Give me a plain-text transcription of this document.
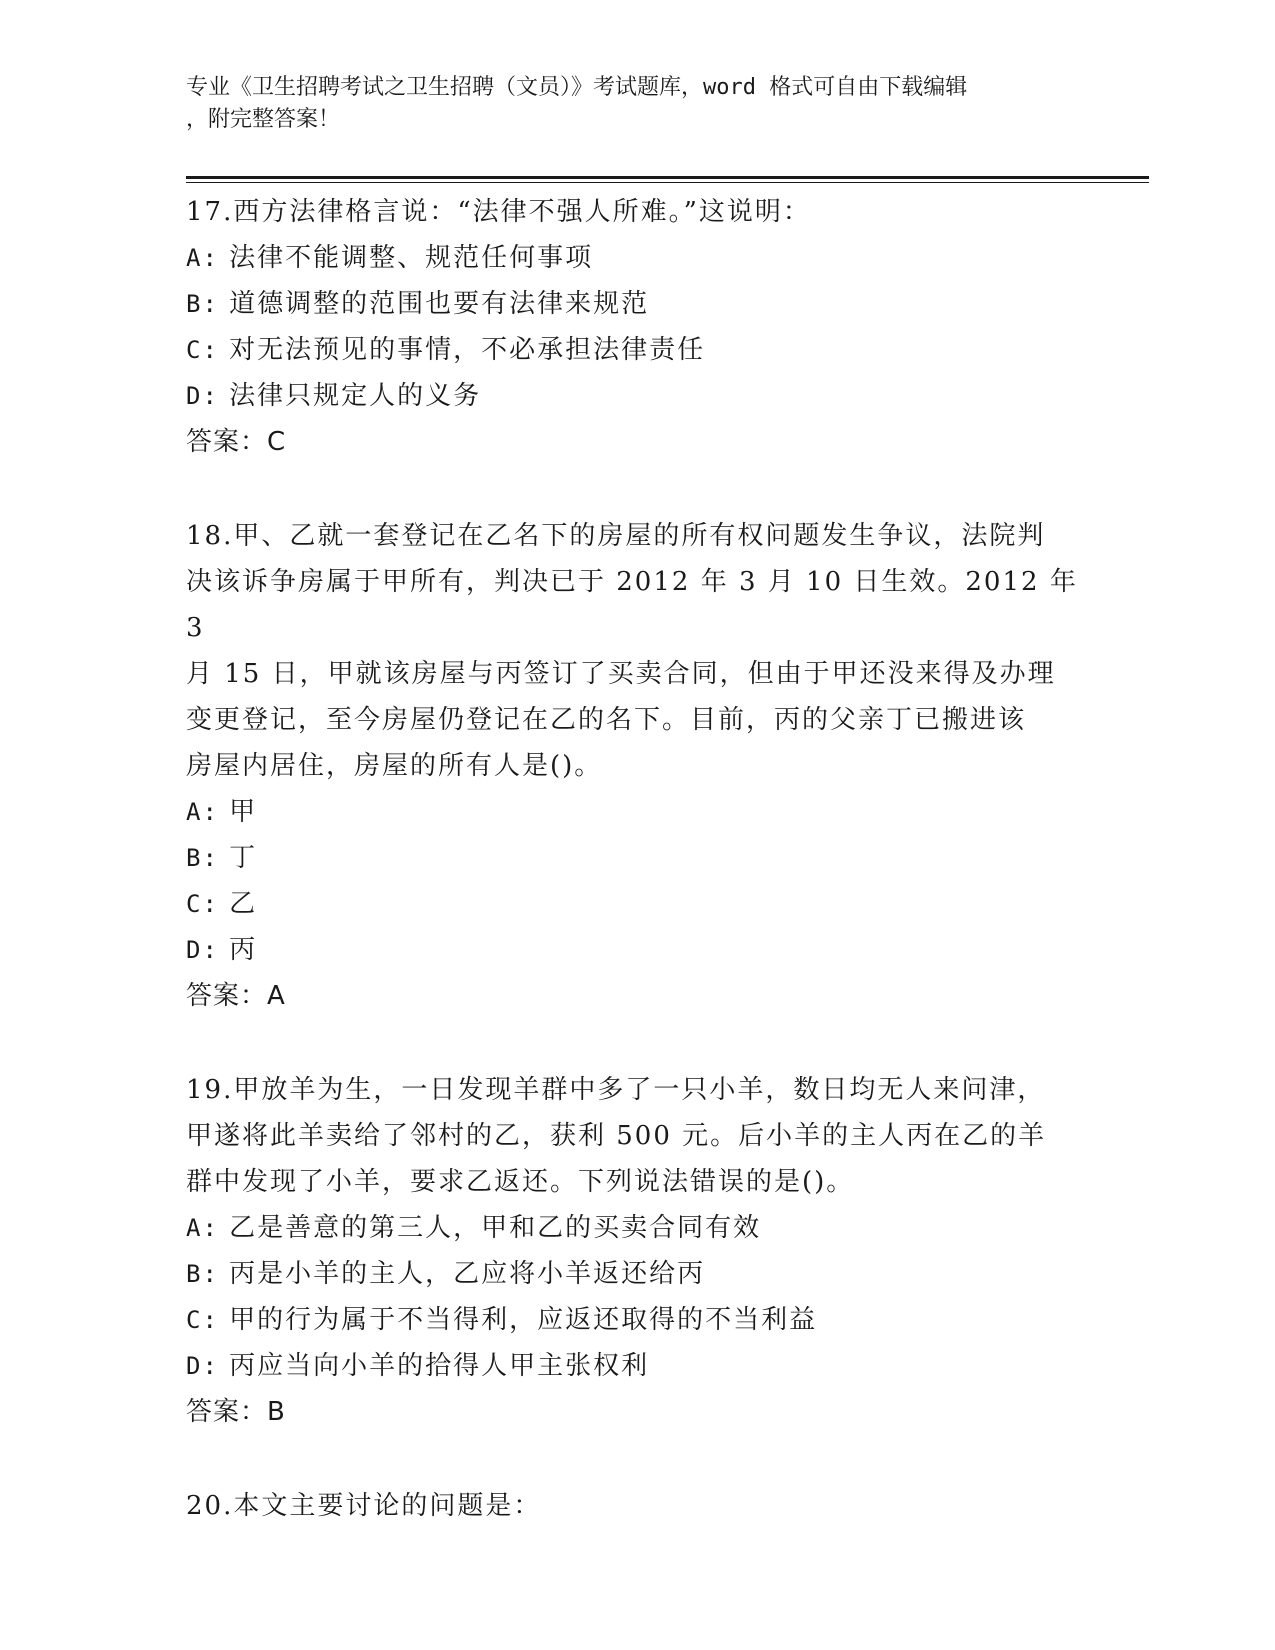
专业《卫生招聘考试之卫生招聘（文员）》考试题库，word 格式可自由下载编辑
，附完整答案！

17.西方法律格言说：“法律不强人所难。”这说明：

A: 法律不能调整、规范任何事项

B: 道德调整的范围也要有法律来规范

C: 对无法预见的事情，不必承担法律责任

D: 法律只规定人的义务

答案：C

18.甲、乙就一套登记在乙名下的房屋的所有权问题发生争议，法院判

决该诉争房属于甲所有，判决已于 2012 年 3 月 10 日生效。2012 年 3

月 15 日，甲就该房屋与丙签订了买卖合同，但由于甲还没来得及办理

变更登记，至今房屋仍登记在乙的名下。目前，丙的父亲丁已搬进该

房屋内居住，房屋的所有人是()。

A: 甲

B: 丁

C: 乙

D: 丙

答案：A

19.甲放羊为生，一日发现羊群中多了一只小羊，数日均无人来问津，

甲遂将此羊卖给了邻村的乙，获利 500 元。后小羊的主人丙在乙的羊

群中发现了小羊，要求乙返还。下列说法错误的是()。

A: 乙是善意的第三人，甲和乙的买卖合同有效

B: 丙是小羊的主人，乙应将小羊返还给丙

C: 甲的行为属于不当得利，应返还取得的不当利益

D: 丙应当向小羊的拾得人甲主张权利

答案：B

20.本文主要讨论的问题是：
